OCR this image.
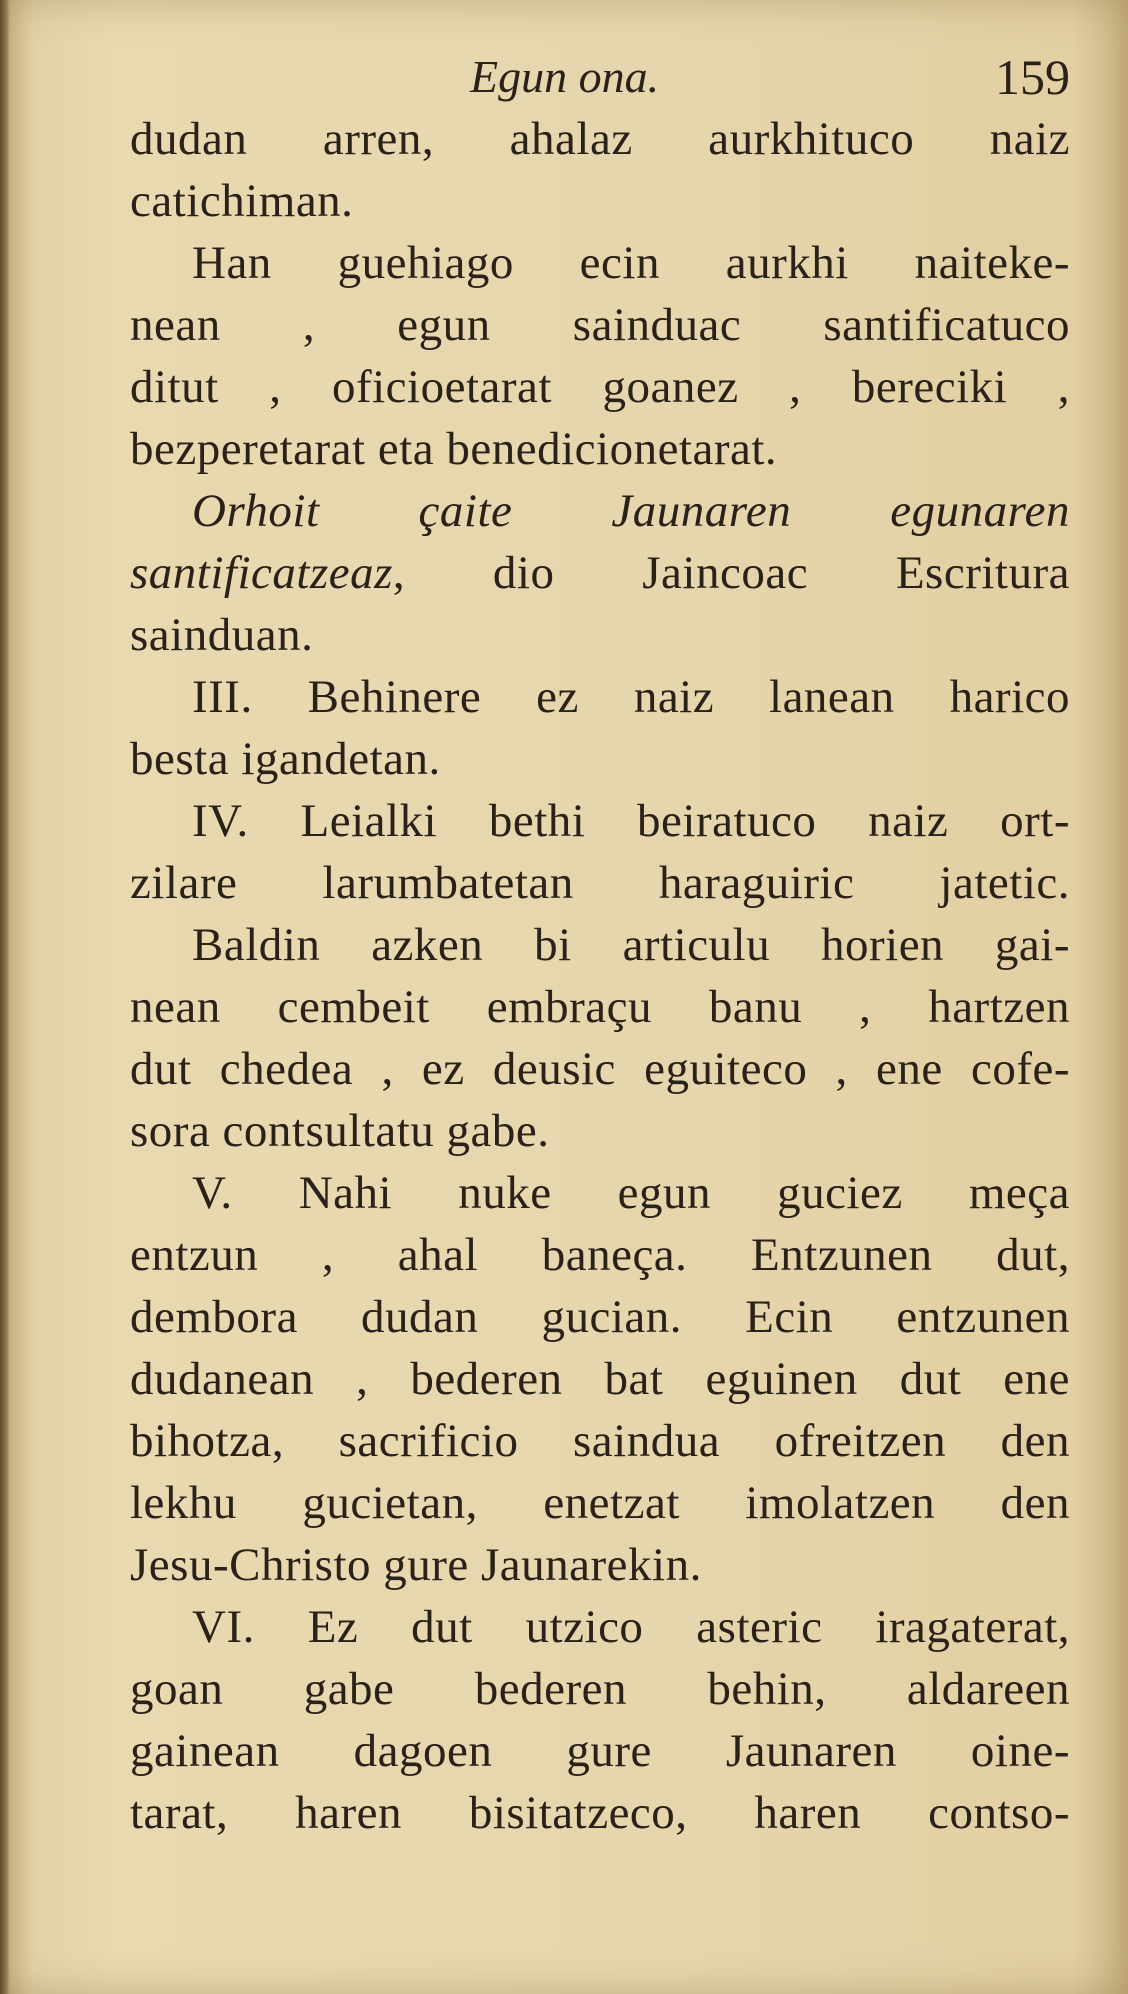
Egun ona.	159
dudan arren, ahalaz aurkhituco naiz
catichiman.
Han guehiago ecin aurkhi naiteke-
nean , egun sainduac santificatuco
ditut , oficioetarat goanez , bereciki ,
bezperetarat eta benedicionetarat.
Orhoit çaite Jaunaren egunaren
santificatzeaz, dio Jaincoac Escritura
sainduan.
III. Behinere ez naiz lanean harico
besta igandetan.
IV. Leialki bethi beiratuco naiz ort-
zilare larumbatetan haraguiric jatetic.
Baldin azken bi articulu horien gai-
nean cembeit embraçu banu , hartzen
dut chedea , ez deusic eguiteco , ene cofe-
sora contsultatu gabe.
V. Nahi nuke egun guciez meça
entzun , ahal baneça. Entzunen dut,
dembora dudan gucian. Ecin entzunen
dudanean , bederen bat eguinen dut ene
bihotza, sacrificio saindua ofreitzen den
lekhu gucietan, enetzat imolatzen den
Jesu-Christo gure Jaunarekin.
VI. Ez dut utzico asteric iragaterat,
goan gabe bederen behin, aldareen
gainean dagoen gure Jaunaren oine-
tarat, haren bisitatzeco, haren contso-
